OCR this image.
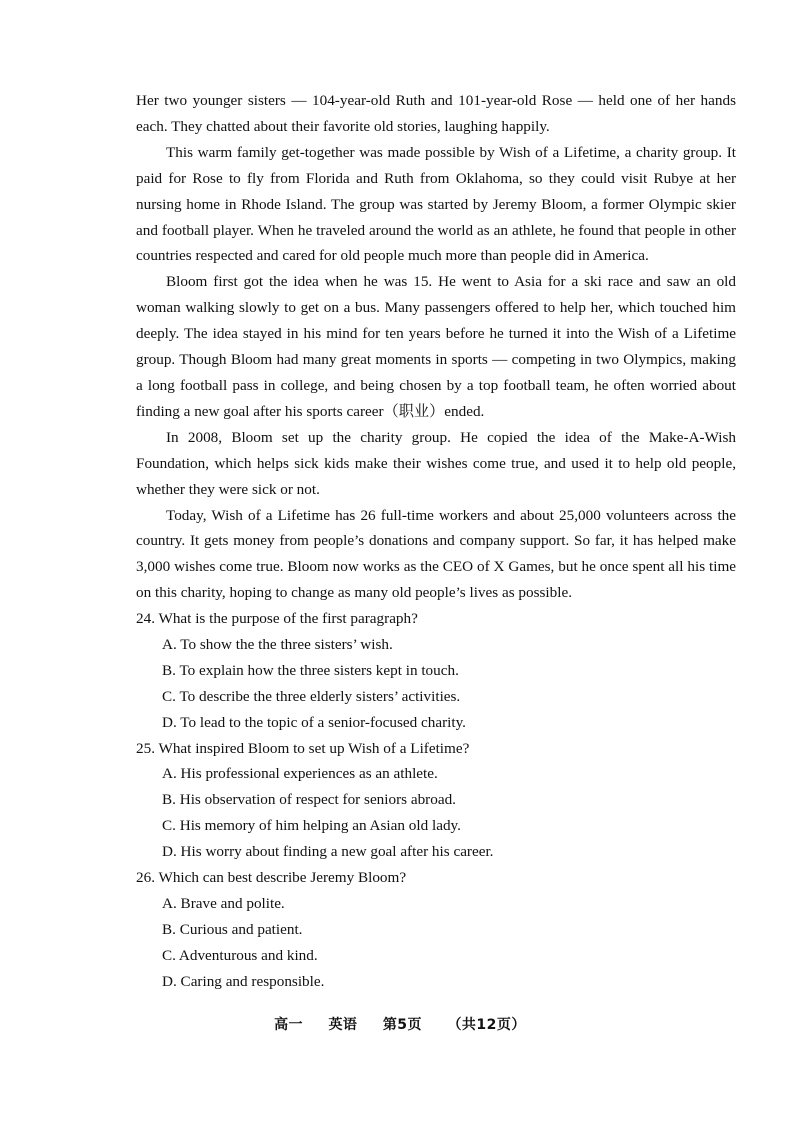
Her two younger sisters — 104-year-old Ruth and 101-year-old Rose — held one of her hands each. They chatted about their favorite old stories, laughing happily.

This warm family get-together was made possible by Wish of a Lifetime, a charity group. It paid for Rose to fly from Florida and Ruth from Oklahoma, so they could visit Rubye at her nursing home in Rhode Island. The group was started by Jeremy Bloom, a former Olympic skier and football player. When he traveled around the world as an athlete, he found that people in other countries respected and cared for old people much more than people did in America.

Bloom first got the idea when he was 15. He went to Asia for a ski race and saw an old woman walking slowly to get on a bus. Many passengers offered to help her, which touched him deeply. The idea stayed in his mind for ten years before he turned it into the Wish of a Lifetime group. Though Bloom had many great moments in sports — competing in two Olympics, making a long football pass in college, and being chosen by a top football team, he often worried about finding a new goal after his sports career（职业）ended.

In 2008, Bloom set up the charity group. He copied the idea of the Make-A-Wish Foundation, which helps sick kids make their wishes come true, and used it to help old people, whether they were sick or not.

Today, Wish of a Lifetime has 26 full-time workers and about 25,000 volunteers across the country. It gets money from people’s donations and company support. So far, it has helped make 3,000 wishes come true. Bloom now works as the CEO of X Games, but he once spent all his time on this charity, hoping to change as many old people’s lives as possible.

24. What is the purpose of the first paragraph?
A. To show the the three sisters’ wish.
B. To explain how the three sisters kept in touch.
C. To describe the three elderly sisters’ activities.
D. To lead to the topic of a senior-focused charity.
25. What inspired Bloom to set up Wish of a Lifetime?
A. His professional experiences as an athlete.
B. His observation of respect for seniors abroad.
C. His memory of him helping an Asian old lady.
D. His worry about finding a new goal after his career.
26. Which can best describe Jeremy Bloom?
A. Brave and polite.
B. Curious and patient.
C. Adventurous and kind.
D. Caring and responsible.
高一 英语 第5页 （共12页）
